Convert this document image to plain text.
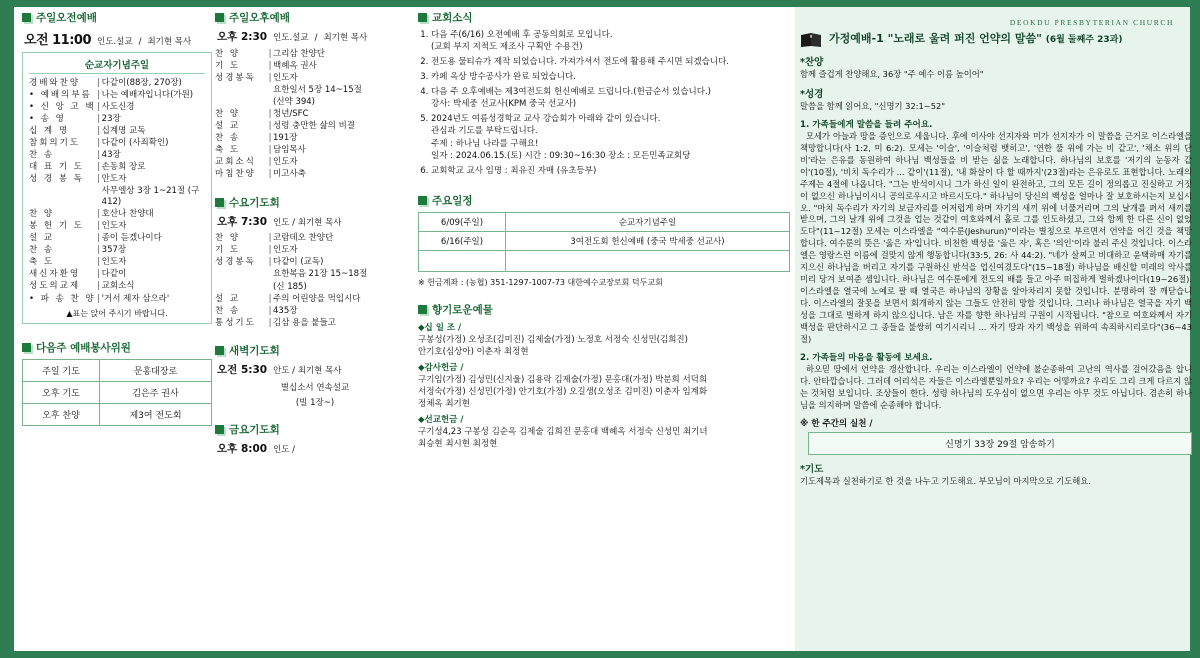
주일오전예배
오전 11:00 인도.설교 / 최기현 목사
순교자기념주일
경배와찬양	|	다같이(88장, 270장)
• 예배의부름	|	나는 예배자입니다(가원)
• 신 앙 고 백	|	사도신경
• 송 영	|	23장
십 계 명	|	십계명 교독
참회의기도	|	다같이 (사죄확인)
찬 송	|	43장
대 표 기 도	|	손동희 장로
성 경 봉 독	|	안도자
		사무엘상 3장 1~21절 (구 412)
찬 양	|	호산나 찬양대
봉 헌 기 도	|	인도자
설 교	|	종이 듣겠나이다
찬 송	|	357장
축 도	|	인도자
새신자환영	|	다같이
성도의교제	|	교회소식
• 파 송 찬 양	|	'거서 제자 삼으라'
▲표는 앉어 주시기 바랍니다.
다음주 예배봉사위원
주일 기도	문홍대장로
오후 기도	김은주 권사
오후 찬양	제3여 전도회
주일오후예배
오후 2:30 인도.설교 / 최기현 목사
찬 양	|	그리삼 찬양단
기 도	|	백혜옥 권사
성경봉독	|	인도자
		요한일서 5장 14~15절
		(신약 394)
찬 양	|	청년/SFC
설 교	|	성령 충만한 삶의 비결
찬 송	|	191장
축 도	|	담임목사
교회소식	|	인도자
마침찬양	|	미고사축
수요기도회
오후 7:30 인도 / 최기현 목사
찬 양	|	코람데오 찬양단
기 도	|	인도자
성경봉독	|	다같이 (교독)
		요한복음 21장 15~18절
		(신 185)
설 교	|	주의 어린양을 먹입시다
찬 송	|	435장
통성기도	|	김삼 용을 붙들고
새벽기도회
오전 5:30 안도 / 최기현 목사
별십소서 연속설교
(빌 1장~)
금요기도회
오후 8:00 인도 /
교회소식
1. 다음 주(6/16) 오전예배 후 공동의회로 모입니다.
(교회 부지 지적도 제조사 구획안 수용건)
2. 전도용 물티슈가 제작 되었습니다. 가져가셔서 전도에 활용해 주시면 되겠습니다.
3. 카페 옥상 방수공사가 완료 되었습니다.
4. 다음 주 오후예배는 제3여전도회 헌신예배로 드립니다.(헌금순서 있습니다.)
강사: 박세중 선교사(KPM 중국 선교사)
5. 2024년도 여름성경학교 교사 강습회가 아래와 같이 있습니다.
관심과 기도를 부탁드립니다.
주제 : 하나님 나라를 구해요!
일자 : 2024.06.15.(토) 시간 : 09:30~16:30 장소 : 모든민족교회당
6. 교회학교 교사 임명 : 최유진 자매 (유초등부)
주요일정
6/09(주일)	순교자기념주일
6/16(주일)	3여전도회 헌신예배 (중국 박세중 선교사)

※ 헌금계좌 : (농협) 351-1297-1007-73 대한예수교장로회 덕두교회
향기로운예물
◆십 일 조 /
구봉성(가정) 오성조(김미진) 김제술(가정) 노정호 서정숙 신성민(김희진)
안기호(심상아) 이춘자 최정현
◆감사헌금 /
구기임(가정) 김성민(신지울) 김용락 김제술(가정) 문홍대(가정) 박분희 서덕희
서정숙(가정) 신성민(가정) 안기호(가정) 오길생(오성조 김미진) 이춘자 임계화
정체옥 최기현
◆선교헌금 /
구기성4,23 구봉성 김순옥 김제술 김희진 문홍대 백혜옥 서정숙 신성민 최기녀
최승현 최시현 최정현
DEOKDU PRESBYTERIAN CHURCH
가정예배-1 "노래로 울려 퍼진 언약의 말씀" (6월 둘째주 23과)
*찬양
함께 즐겁게 찬양해요, 36장 "주 예수 이름 높이어"
*성경
말씀을 함께 읽어요, "신명기 32:1~52"
1. 가족들에게 말씀을 들려 주어요.
모세가 아늘과 땅을 증인으로 세웁니다. 후에 이사야 선지자와 미가 선지자가 이 말씀을 근거로 이스라엘을 책망합니다(사 1:2, 미 6:2). 모세는 '이슬', '이슬처럼 뱃히고', '연한 풀 위에 가는 비 같고', '채소 위의 단비'라는 은유를 동원하여 하나님 백성들을 비 받는 싦을 노래합니다. 하나님의 보호를 '저기의 눈동자 같이'(10절), '비치 독수리가 ... 같이'(11절), '내 화살이 다 할 때까지'(23절)라는 은유로도 표현합니다. 노래의 주제는 4절에 나옵니다. "그는 반석이시니 그가 하신 일이 완전하고, 그의 모든 길이 정의롭고 진실하고 거짓이 없으신 하나님이시니 공의로우시고 바르시도다." 하나님이 당신의 백성을 얼마나 잘 보호하시는지 보십시오. "마치 독수리가 자기의 보금자리를 어저럽게 하며 자기의 새끼 위에 너풀거리며 그의 날개를 펴서 새끼를 받으며, 그의 날개 위에 그것을 업는 것같이 여호와께서 홀로 그를 인도하셨고, 그와 함께 한 다른 신이 없었도다"(11~12절) 모세는 이스라엘을 "여수룬(Jeshurun)"이라는 별칭으로 부르면서 언약을 어긴 것을 책망합니다. 여수룬의 뜻은 '옳은 자'입니다. 비천한 백성을 '옳은 자', 혹은 '의인'이라 불러 주신 것입니다. 이스라엘은 영랑스런 이름에 걸맞지 않게 행동합니다(33:5, 26: 사 44:2). "네가 살찌고 비대하고 윤택하매 자기를 지으신 하나님을 버리고 자기를 구원하신 반석을 업신여겼도다"(15~18절) 하나님을 배신할 미래의 악사를 미리 당겨 보여준 셈입니다. 하나님은 여수룬에게 전도의 배를 들고 아주 떠집하게 벌하겠나이다(19~26절). 이스라엘을 열국에 노예로 팔 때 열국은 하나님의 장황을 알아차리지 못할 것입니다. 분명하여 잘 깨닫습니다. 이스라엘의 잘못을 보면서 회개하지 않는 그들도 안전히 망함 것입니다. 그러나 하나님은 열국을 자기 백성을 그대로 벌하게 하지 않으십니다. 남은 자를 향한 하나님의 구원이 시작됩니다. "참으로 여호와께서 자기 백성을 판단하시고 그 종들을 불쌍히 여기시리니 ... 자기 땅과 자기 백성을 위하여 속죄하시리로다"(36~43절)
2. 가족들의 마음을 활동에 보세요.
하오믿 땅에서 언약을 갱산합니다. 우리는 이스라엘이 언약에 불순종하여 고난의 역사를 걸어갔음을 압니다. 안타깝습니다. 그러데 어리석은 자들은 이스라엘뿐일까요? 우리는 어떻까요? 우리도 그리 크게 다르지 않는 것처럼 보입니다. 조상들이 한다. 성령 하나님의 도우심이 없으면 우리는 아무 것도 아닙니다. 겸손히 하나님을 의지하며 말씀에 순종해야 합니다.
※ 한 주간의 실천 /
신명기 33장 29절 암송하기
*기도
기도제목과 실천하기로 한 것을 나누고 기도해요. 부모님이 마지막으로 기도해요.
